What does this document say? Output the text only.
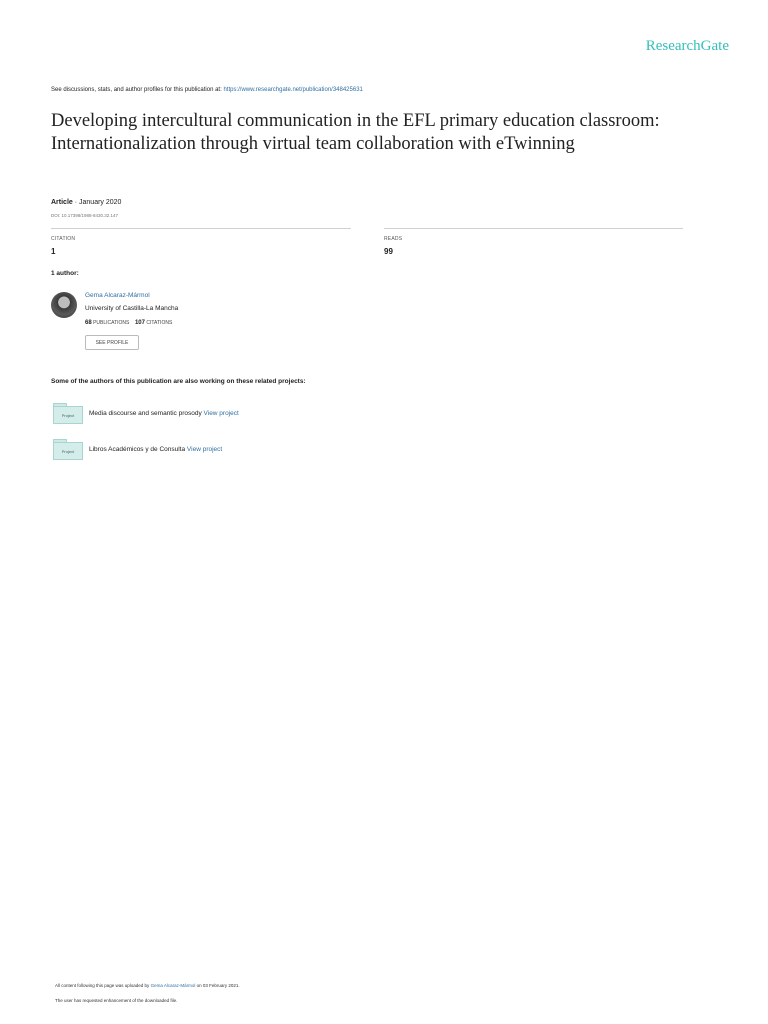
ResearchGate
See discussions, stats, and author profiles for this publication at: https://www.researchgate.net/publication/348425631
Developing intercultural communication in the EFL primary education classroom: Internationalization through virtual team collaboration with eTwinning
Article · January 2020
DOI: 10.17398/1988-8430.32.147
CITATION
1
READS
99
1 author:
Gema Alcaraz-Mármol
University of Castilla-La Mancha
68 PUBLICATIONS 107 CITATIONS
SEE PROFILE
Some of the authors of this publication are also working on these related projects:
Project Media discourse and semantic prosody View project
Project Libros Académicos y de Consulta View project
All content following this page was uploaded by Gema Alcaraz-Mármol on 03 February 2021.
The user has requested enhancement of the downloaded file.
